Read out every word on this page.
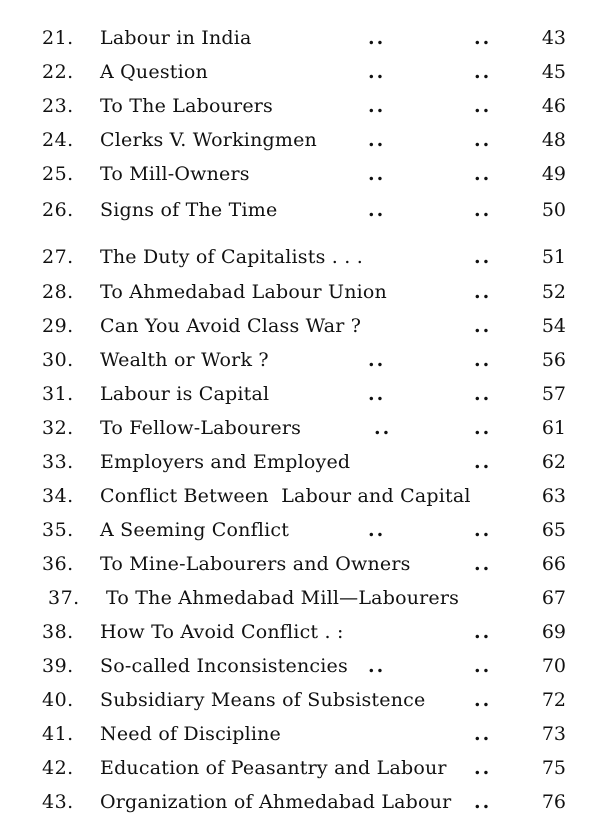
21.	Labour in India	..	..	43
22.	A Question	..	..	45
23.	To The Labourers	..	..	46
24.	Clerks V. Workingmen	..	..	48
25.	To Mill-Owners	..	..	49
26.	Signs of The Time	..	..	50
27.	The Duty of Capitalists . . .	..	51
28.	To Ahmedabad Labour Union	..	52
29.	Can You Avoid Class War ?	..	54
30.	Wealth or Work ?	..	..	56
31.	Labour is Capital	..	..	57
32.	To Fellow-Labourers	..	..	61
33.	Employers and Employed	..	62
34.	Conflict Between  Labour and Capital	63
35.	A Seeming Conflict	..	..	65
36.	To Mine-Labourers and Owners	..	66
37.	To The Ahmedabad Mill—Labourers	67
38.	How To Avoid Conflict . :	..	69
39.	So-called Inconsistencies ..	..	70
40.	Subsidiary Means of Subsistence	..	72
41.	Need of Discipline	..	73
42.	Education of Peasantry and Labour ..	75
43.	Organization of Ahmedabad Labour ..	76
